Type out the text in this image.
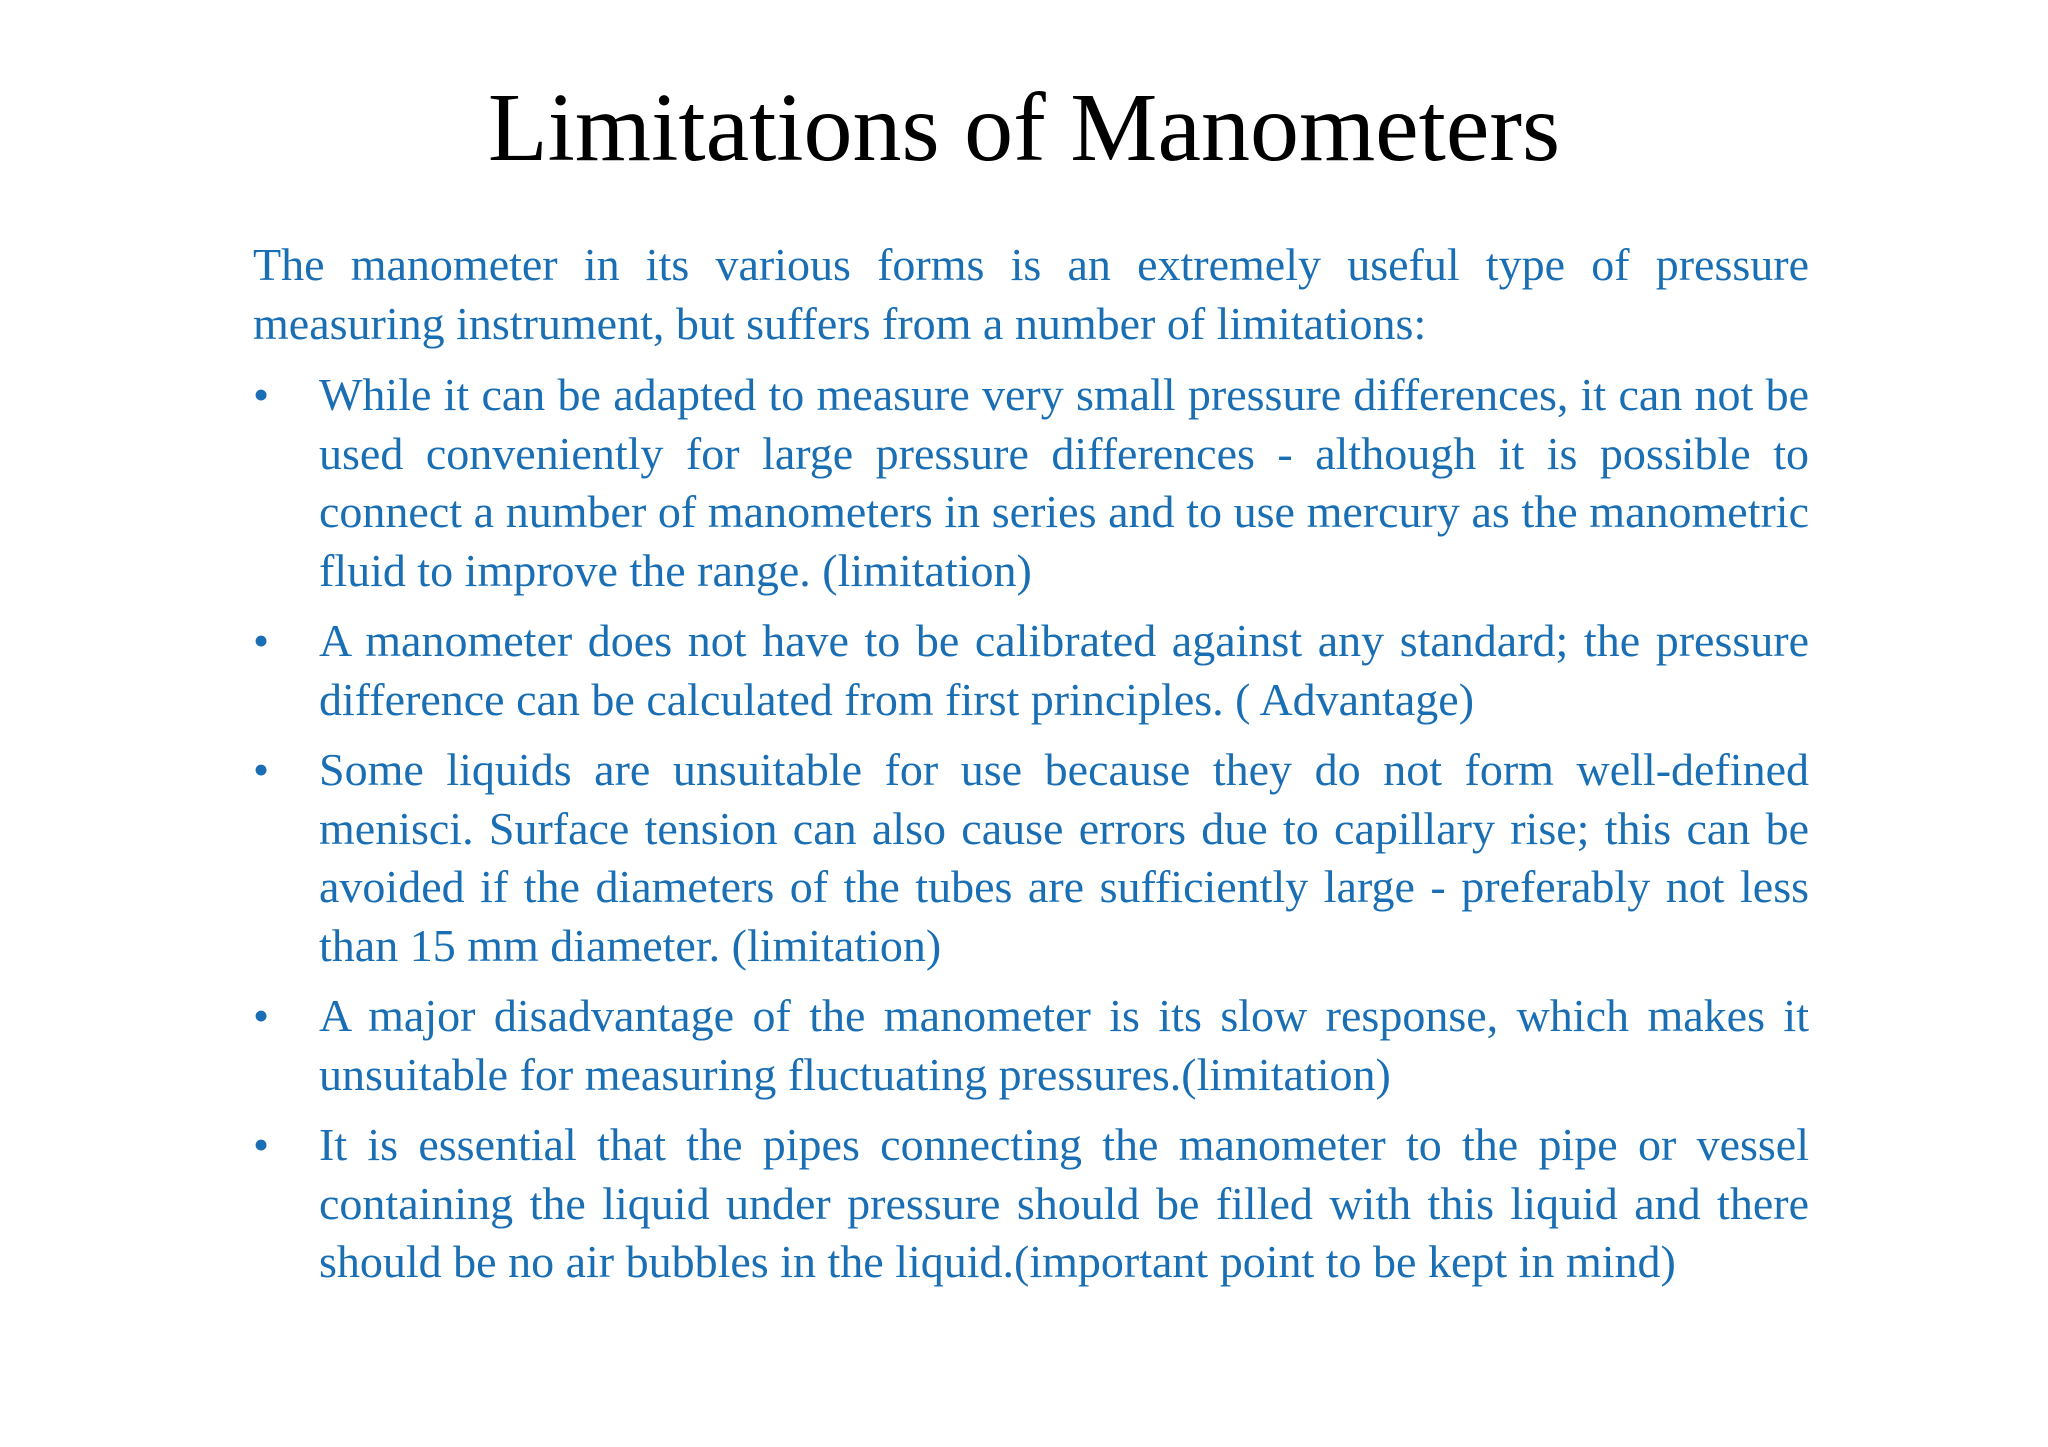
Limitations of Manometers

The manometer in its various forms is an extremely useful type of pressure measuring instrument, but suffers from a number of limitations:

•	While it can be adapted to measure very small pressure differences, it can not be used conveniently for large pressure differences - although it is possible to connect a number of manometers in series and to use mercury as the manometric fluid to improve the range. (limitation)
•	A manometer does not have to be calibrated against any standard; the pressure difference can be calculated from first principles. ( Advantage)
•	Some liquids are unsuitable for use because they do not form well-defined menisci. Surface tension can also cause errors due to capillary rise; this can be avoided if the diameters of the tubes are sufficiently large - preferably not less than 15 mm diameter. (limitation)
•	A major disadvantage of the manometer is its slow response, which makes it unsuitable for measuring fluctuating pressures.(limitation)
•	It is essential that the pipes connecting the manometer to the pipe or vessel containing the liquid under pressure should be filled with this liquid and there should be no air bubbles in the liquid.(important point to be kept in mind)
